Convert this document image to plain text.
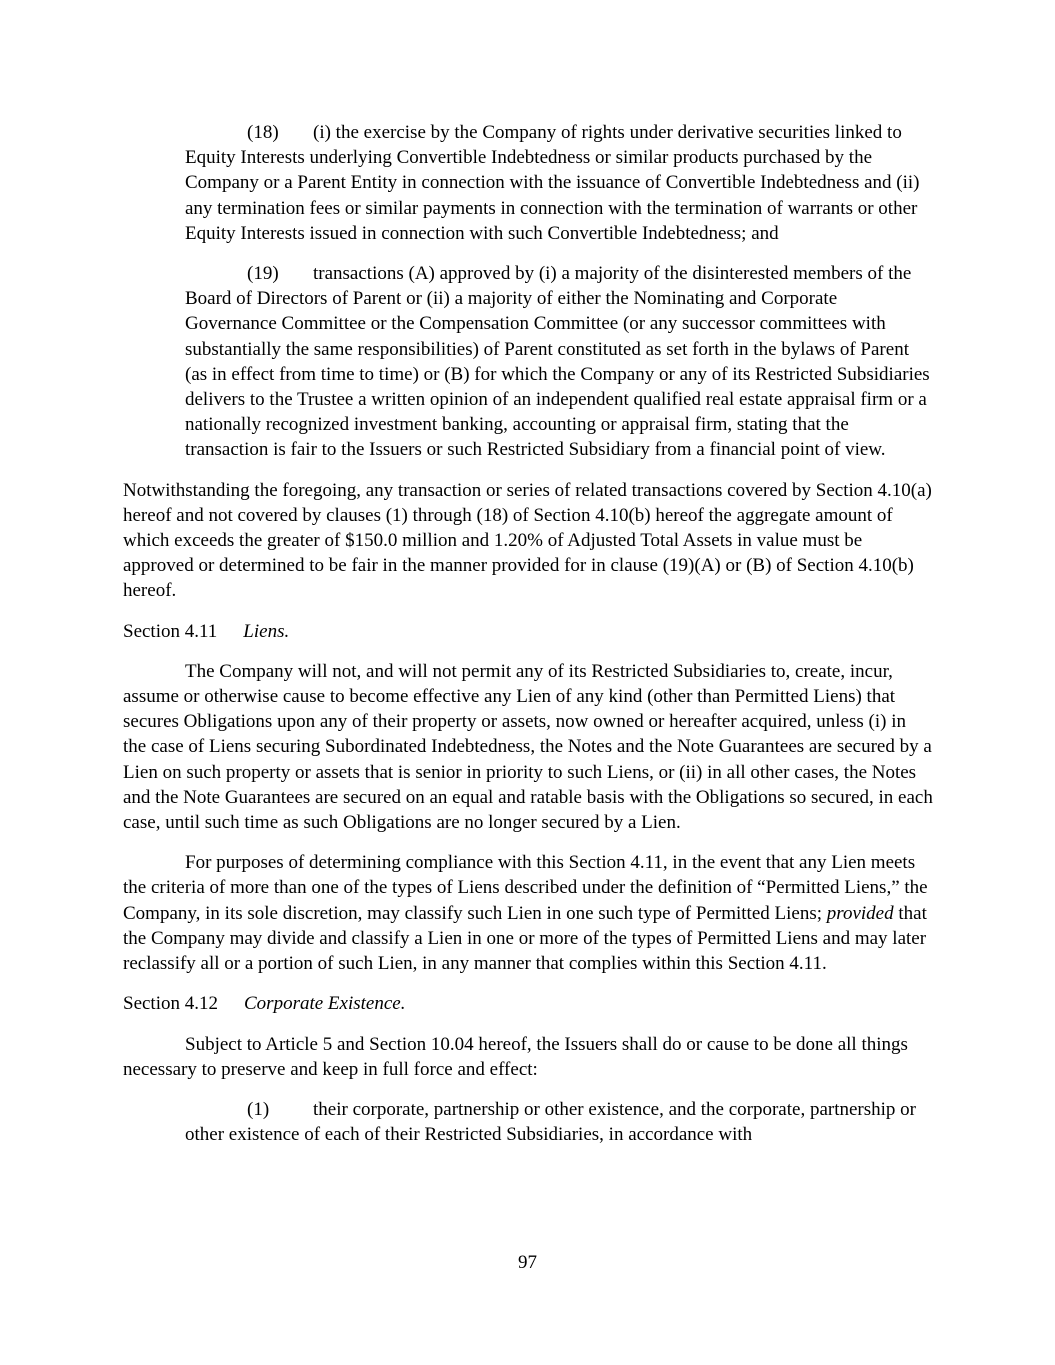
(18) (i) the exercise by the Company of rights under derivative securities linked to Equity Interests underlying Convertible Indebtedness or similar products purchased by the Company or a Parent Entity in connection with the issuance of Convertible Indebtedness and (ii) any termination fees or similar payments in connection with the termination of warrants or other Equity Interests issued in connection with such Convertible Indebtedness; and

(19) transactions (A) approved by (i) a majority of the disinterested members of the Board of Directors of Parent or (ii) a majority of either the Nominating and Corporate Governance Committee or the Compensation Committee (or any successor committees with substantially the same responsibilities) of Parent constituted as set forth in the bylaws of Parent (as in effect from time to time) or (B) for which the Company or any of its Restricted Subsidiaries delivers to the Trustee a written opinion of an independent qualified real estate appraisal firm or a nationally recognized investment banking, accounting or appraisal firm, stating that the transaction is fair to the Issuers or such Restricted Subsidiary from a financial point of view.

Notwithstanding the foregoing, any transaction or series of related transactions covered by Section 4.10(a) hereof and not covered by clauses (1) through (18) of Section 4.10(b) hereof the aggregate amount of which exceeds the greater of $150.0 million and 1.20% of Adjusted Total Assets in value must be approved or determined to be fair in the manner provided for in clause (19)(A) or (B) of Section 4.10(b) hereof.

Section 4.11 Liens.

The Company will not, and will not permit any of its Restricted Subsidiaries to, create, incur, assume or otherwise cause to become effective any Lien of any kind (other than Permitted Liens) that secures Obligations upon any of their property or assets, now owned or hereafter acquired, unless (i) in the case of Liens securing Subordinated Indebtedness, the Notes and the Note Guarantees are secured by a Lien on such property or assets that is senior in priority to such Liens, or (ii) in all other cases, the Notes and the Note Guarantees are secured on an equal and ratable basis with the Obligations so secured, in each case, until such time as such Obligations are no longer secured by a Lien.

For purposes of determining compliance with this Section 4.11, in the event that any Lien meets the criteria of more than one of the types of Liens described under the definition of “Permitted Liens,” the Company, in its sole discretion, may classify such Lien in one such type of Permitted Liens; provided that the Company may divide and classify a Lien in one or more of the types of Permitted Liens and may later reclassify all or a portion of such Lien, in any manner that complies within this Section 4.11.

Section 4.12 Corporate Existence.

Subject to Article 5 and Section 10.04 hereof, the Issuers shall do or cause to be done all things necessary to preserve and keep in full force and effect:

(1) their corporate, partnership or other existence, and the corporate, partnership or other existence of each of their Restricted Subsidiaries, in accordance with

97
